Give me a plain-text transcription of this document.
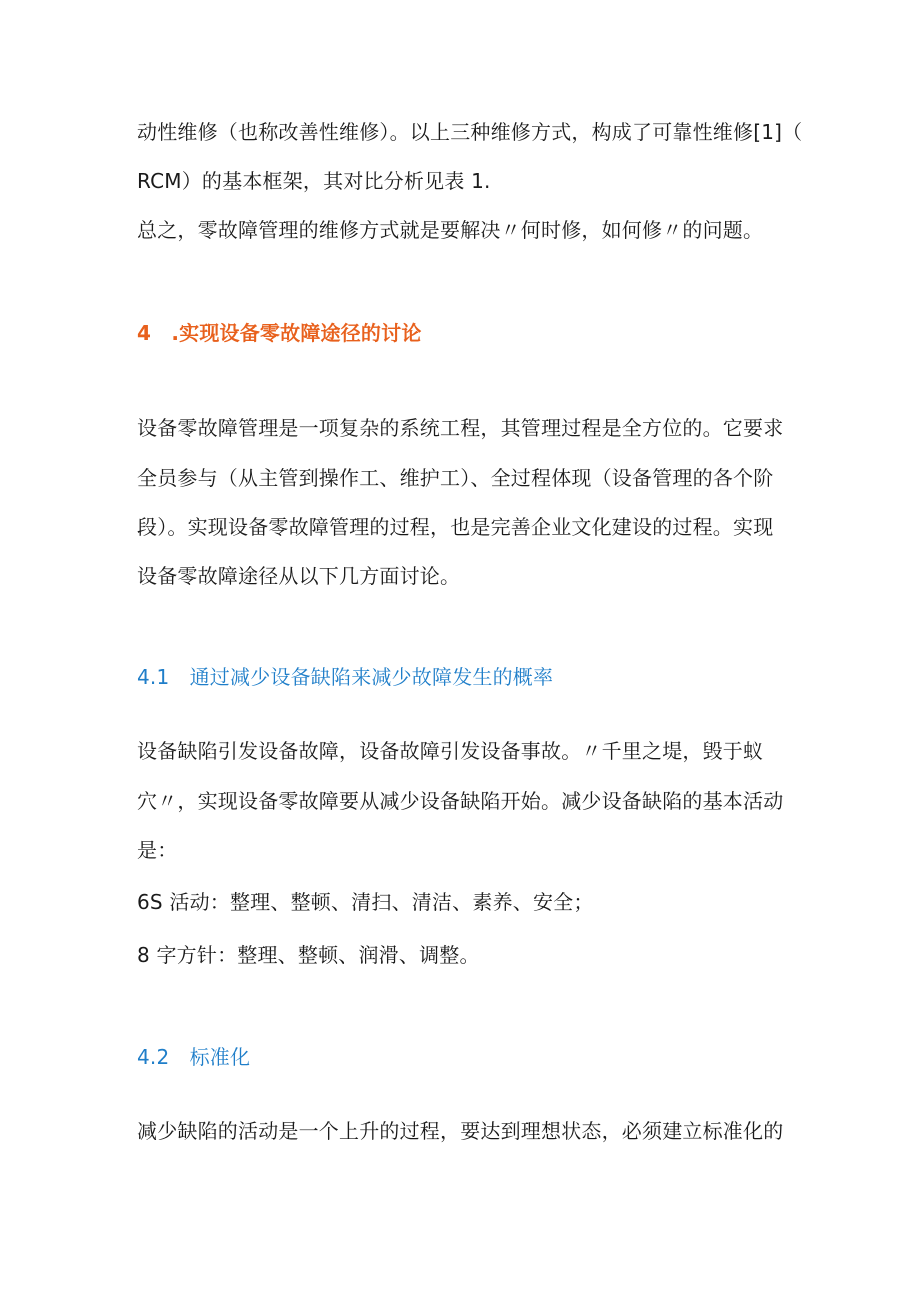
动性维修（也称改善性维修）。以上三种维修方式，构成了可靠性维修[1]（
RCM）的基本框架，其对比分析见表 1.
总之，零故障管理的维修方式就是要解决〃何时修，如何修〃的问题。
4　.实现设备零故障途径的讨论
设备零故障管理是一项复杂的系统工程，其管理过程是全方位的。它要求
全员参与（从主管到操作工、维护工）、全过程体现（设备管理的各个阶
段）。实现设备零故障管理的过程，也是完善企业文化建设的过程。实现
设备零故障途径从以下几方面讨论。
4.1　通过减少设备缺陷来减少故障发生的概率
设备缺陷引发设备故障，设备故障引发设备事故。〃千里之堤，毁于蚁
穴〃，实现设备零故障要从减少设备缺陷开始。减少设备缺陷的基本活动
是：
6S 活动：整理、整顿、清扫、清洁、素养、安全；
8 字方针：整理、整顿、润滑、调整。
4.2　标准化
减少缺陷的活动是一个上升的过程，要达到理想状态，必须建立标准化的
